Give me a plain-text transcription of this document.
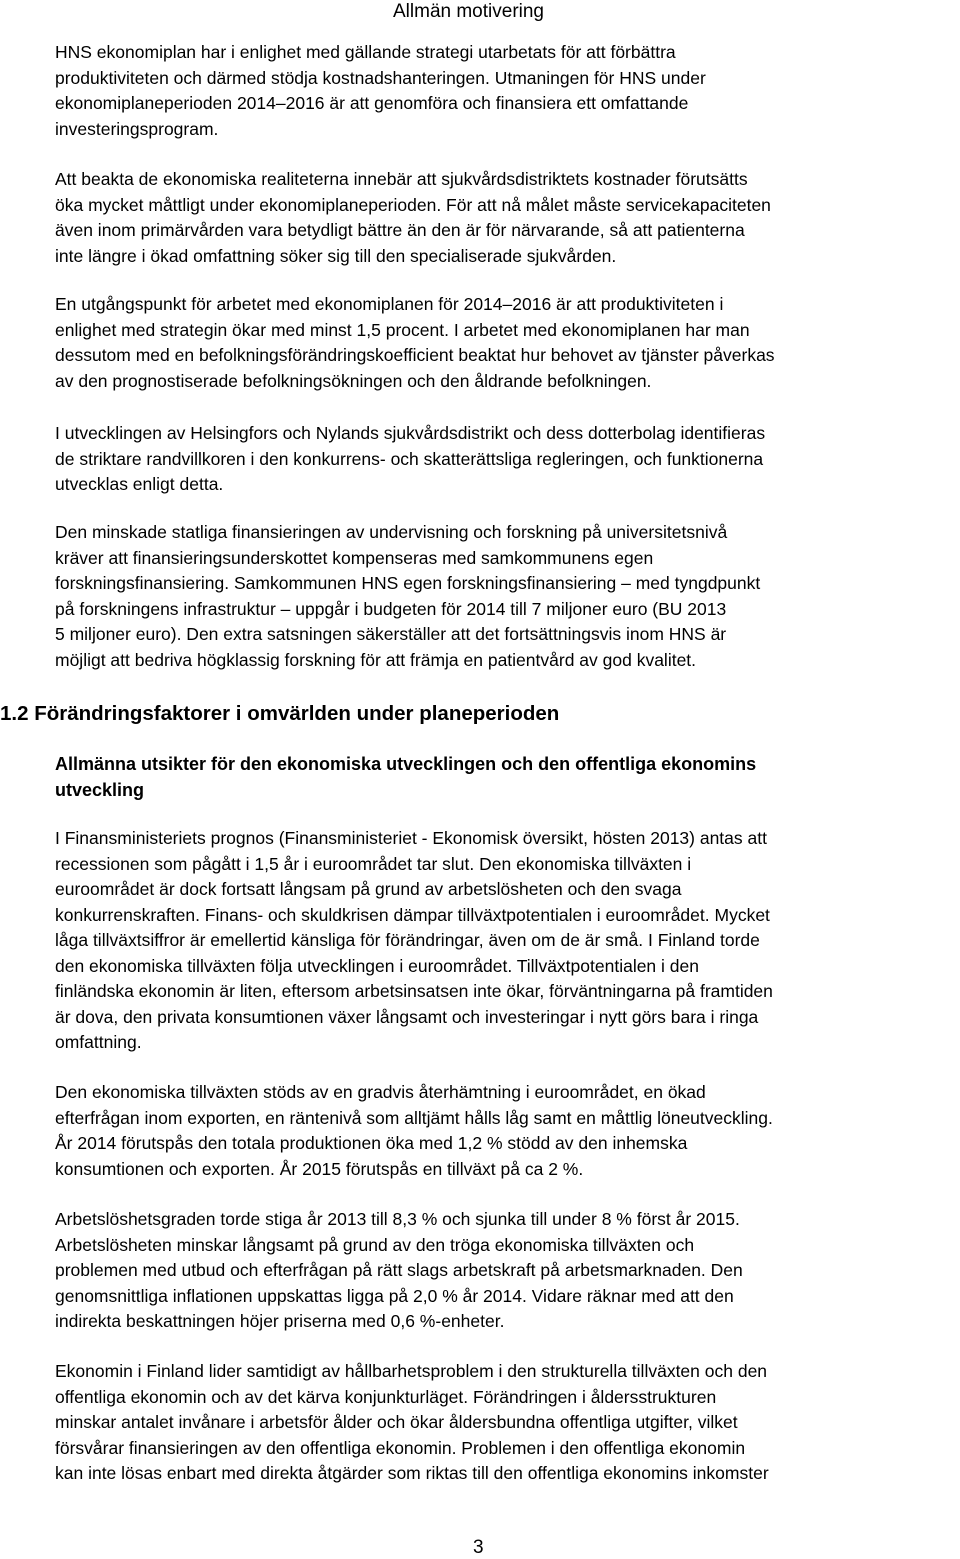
Allmän motivering
HNS ekonomiplan har i enlighet med gällande strategi utarbetats för att förbättra
produktiviteten och därmed stödja kostnadshanteringen. Utmaningen för HNS under
ekonomiplaneperioden 2014–2016 är att genomföra och finansiera ett omfattande
investeringsprogram.
Att beakta de ekonomiska realiteterna innebär att sjukvårdsdistriktets kostnader förutsätts
öka mycket måttligt under ekonomiplaneperioden. För att nå målet måste servicekapaciteten
även inom primärvården vara betydligt bättre än den är för närvarande, så att patienterna
inte längre i ökad omfattning söker sig till den specialiserade sjukvården.
En utgångspunkt för arbetet med ekonomiplanen för 2014–2016 är att produktiviteten i
enlighet med strategin ökar med minst 1,5 procent. I arbetet med ekonomiplanen har man
dessutom med en befolkningsförändringskoefficient beaktat hur behovet av tjänster påverkas
av den prognostiserade befolkningsökningen och den åldrande befolkningen.
I utvecklingen av Helsingfors och Nylands sjukvårdsdistrikt och dess dotterbolag identifieras
de striktare randvillkoren i den konkurrens- och skatterättsliga regleringen, och funktionerna
utvecklas enligt detta.
Den minskade statliga finansieringen av undervisning och forskning på universitetsnivå
kräver att finansieringsunderskottet kompenseras med samkommunens egen
forskningsfinansiering. Samkommunen HNS egen forskningsfinansiering – med tyngdpunkt
på forskningens infrastruktur – uppgår i budgeten för 2014 till 7 miljoner euro (BU 2013
5 miljoner euro). Den extra satsningen säkerställer att det fortsättningsvis inom HNS är
möjligt att bedriva högklassig forskning för att främja en patientvård av god kvalitet.
1.2 Förändringsfaktorer i omvärlden under planeperioden
Allmänna utsikter för den ekonomiska utvecklingen och den offentliga ekonomins
utveckling
I Finansministeriets prognos (Finansministeriet - Ekonomisk översikt, hösten 2013) antas att
recessionen som pågått i 1,5 år i euroområdet tar slut. Den ekonomiska tillväxten i
euroområdet är dock fortsatt långsam på grund av arbetslösheten och den svaga
konkurrenskraften. Finans- och skuldkrisen dämpar tillväxtpotentialen i euroområdet. Mycket
låga tillväxtsiffror är emellertid känsliga för förändringar, även om de är små. I Finland torde
den ekonomiska tillväxten följa utvecklingen i euroområdet. Tillväxtpotentialen i den
finländska ekonomin är liten, eftersom arbetsinsatsen inte ökar, förväntningarna på framtiden
är dova, den privata konsumtionen växer långsamt och investeringar i nytt görs bara i ringa
omfattning.
Den ekonomiska tillväxten stöds av en gradvis återhämtning i euroområdet, en ökad
efterfrågan inom exporten, en räntenivå som alltjämt hålls låg samt en måttlig löneutveckling.
År 2014 förutspås den totala produktionen öka med 1,2 % stödd av den inhemska
konsumtionen och exporten. År 2015 förutspås en tillväxt på ca 2 %.
Arbetslöshetsgraden torde stiga år 2013 till 8,3 % och sjunka till under 8 % först år 2015.
Arbetslösheten minskar långsamt på grund av den tröga ekonomiska tillväxten och
problemen med utbud och efterfrågan på rätt slags arbetskraft på arbetsmarknaden. Den
genomsnittliga inflationen uppskattas ligga på 2,0 % år 2014. Vidare räknar med att den
indirekta beskattningen höjer priserna med 0,6 %-enheter.
Ekonomin i Finland lider samtidigt av hållbarhetsproblem i den strukturella tillväxten och den
offentliga ekonomin och av det kärva konjunkturläget. Förändringen i åldersstrukturen
minskar antalet invånare i arbetsför ålder och ökar åldersbundna offentliga utgifter, vilket
försvårar finansieringen av den offentliga ekonomin. Problemen i den offentliga ekonomin
kan inte lösas enbart med direkta åtgärder som riktas till den offentliga ekonomins inkomster
3
